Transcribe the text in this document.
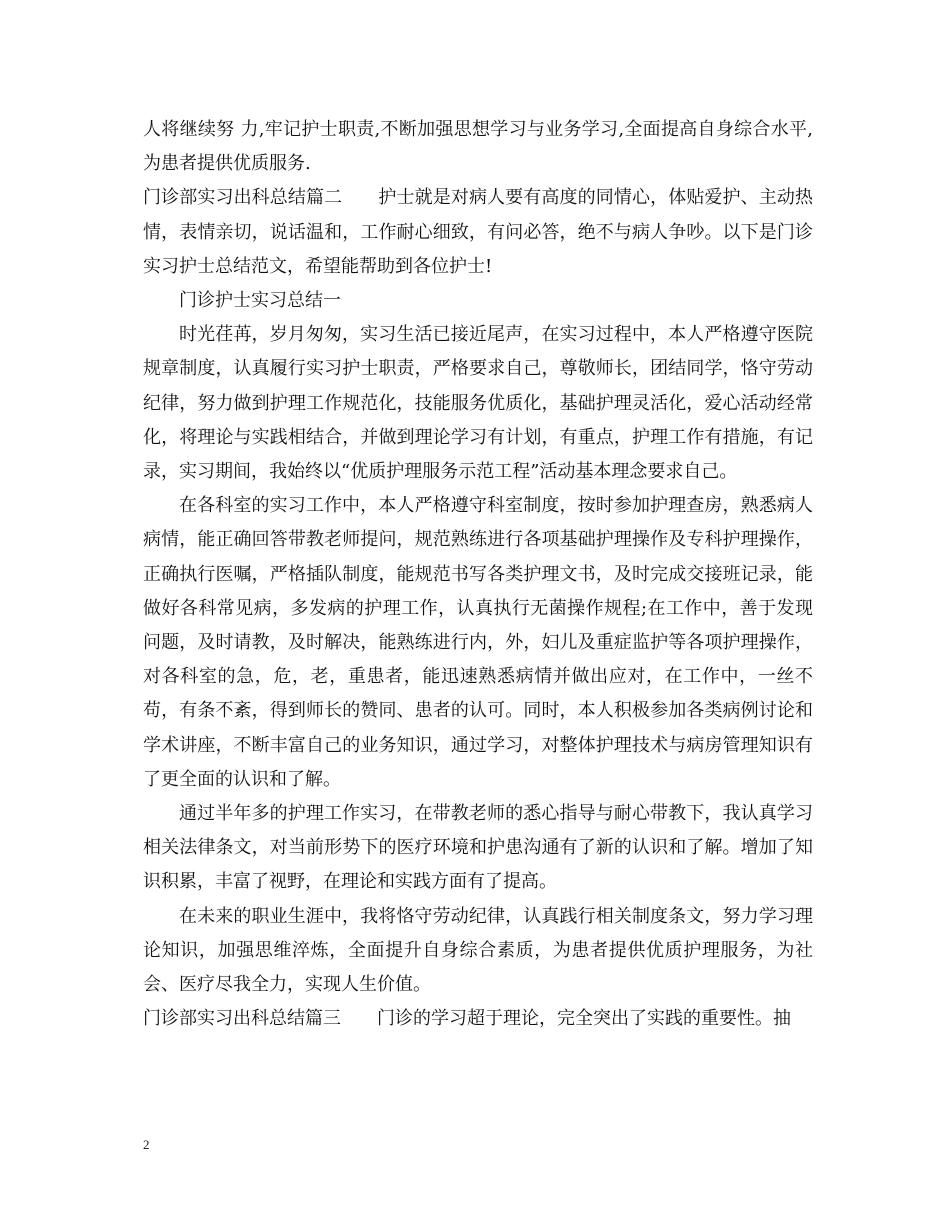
人将继续努 力,牢记护士职责,不断加强思想学习与业务学习,全面提高自身综合水平,为患者提供优质服务.

门诊部实习出科总结篇二 护士就是对病人要有高度的同情心，体贴爱护、主动热情，表情亲切，说话温和，工作耐心细致，有问必答，绝不与病人争吵。以下是门诊实习护士总结范文，希望能帮助到各位护士!

门诊护士实习总结一

时光荏苒，岁月匆匆，实习生活已接近尾声，在实习过程中，本人严格遵守医院规章制度，认真履行实习护士职责，严格要求自己，尊敬师长，团结同学，恪守劳动纪律，努力做到护理工作规范化，技能服务优质化，基础护理灵活化，爱心活动经常化，将理论与实践相结合，并做到理论学习有计划，有重点，护理工作有措施，有记录，实习期间，我始终以“优质护理服务示范工程”活动基本理念要求自己。

在各科室的实习工作中，本人严格遵守科室制度，按时参加护理查房，熟悉病人病情，能正确回答带教老师提问，规范熟练进行各项基础护理操作及专科护理操作，正确执行医嘱，严格插队制度，能规范书写各类护理文书，及时完成交接班记录，能做好各科常见病，多发病的护理工作，认真执行无菌操作规程;在工作中，善于发现问题，及时请教，及时解决，能熟练进行内，外，妇儿及重症监护等各项护理操作，对各科室的急，危，老，重患者，能迅速熟悉病情并做出应对，在工作中，一丝不苟，有条不紊，得到师长的赞同、患者的认可。同时，本人积极参加各类病例讨论和学术讲座，不断丰富自己的业务知识，通过学习，对整体护理技术与病房管理知识有了更全面的认识和了解。

通过半年多的护理工作实习，在带教老师的悉心指导与耐心带教下，我认真学习相关法律条文，对当前形势下的医疗环境和护患沟通有了新的认识和了解。增加了知识积累，丰富了视野，在理论和实践方面有了提高。

在未来的职业生涯中，我将恪守劳动纪律，认真践行相关制度条文，努力学习理论知识，加强思维淬炼，全面提升自身综合素质，为患者提供优质护理服务，为社会、医疗尽我全力，实现人生价值。

门诊部实习出科总结篇三 门诊的学习超于理论，完全突出了实践的重要性。抽

2
